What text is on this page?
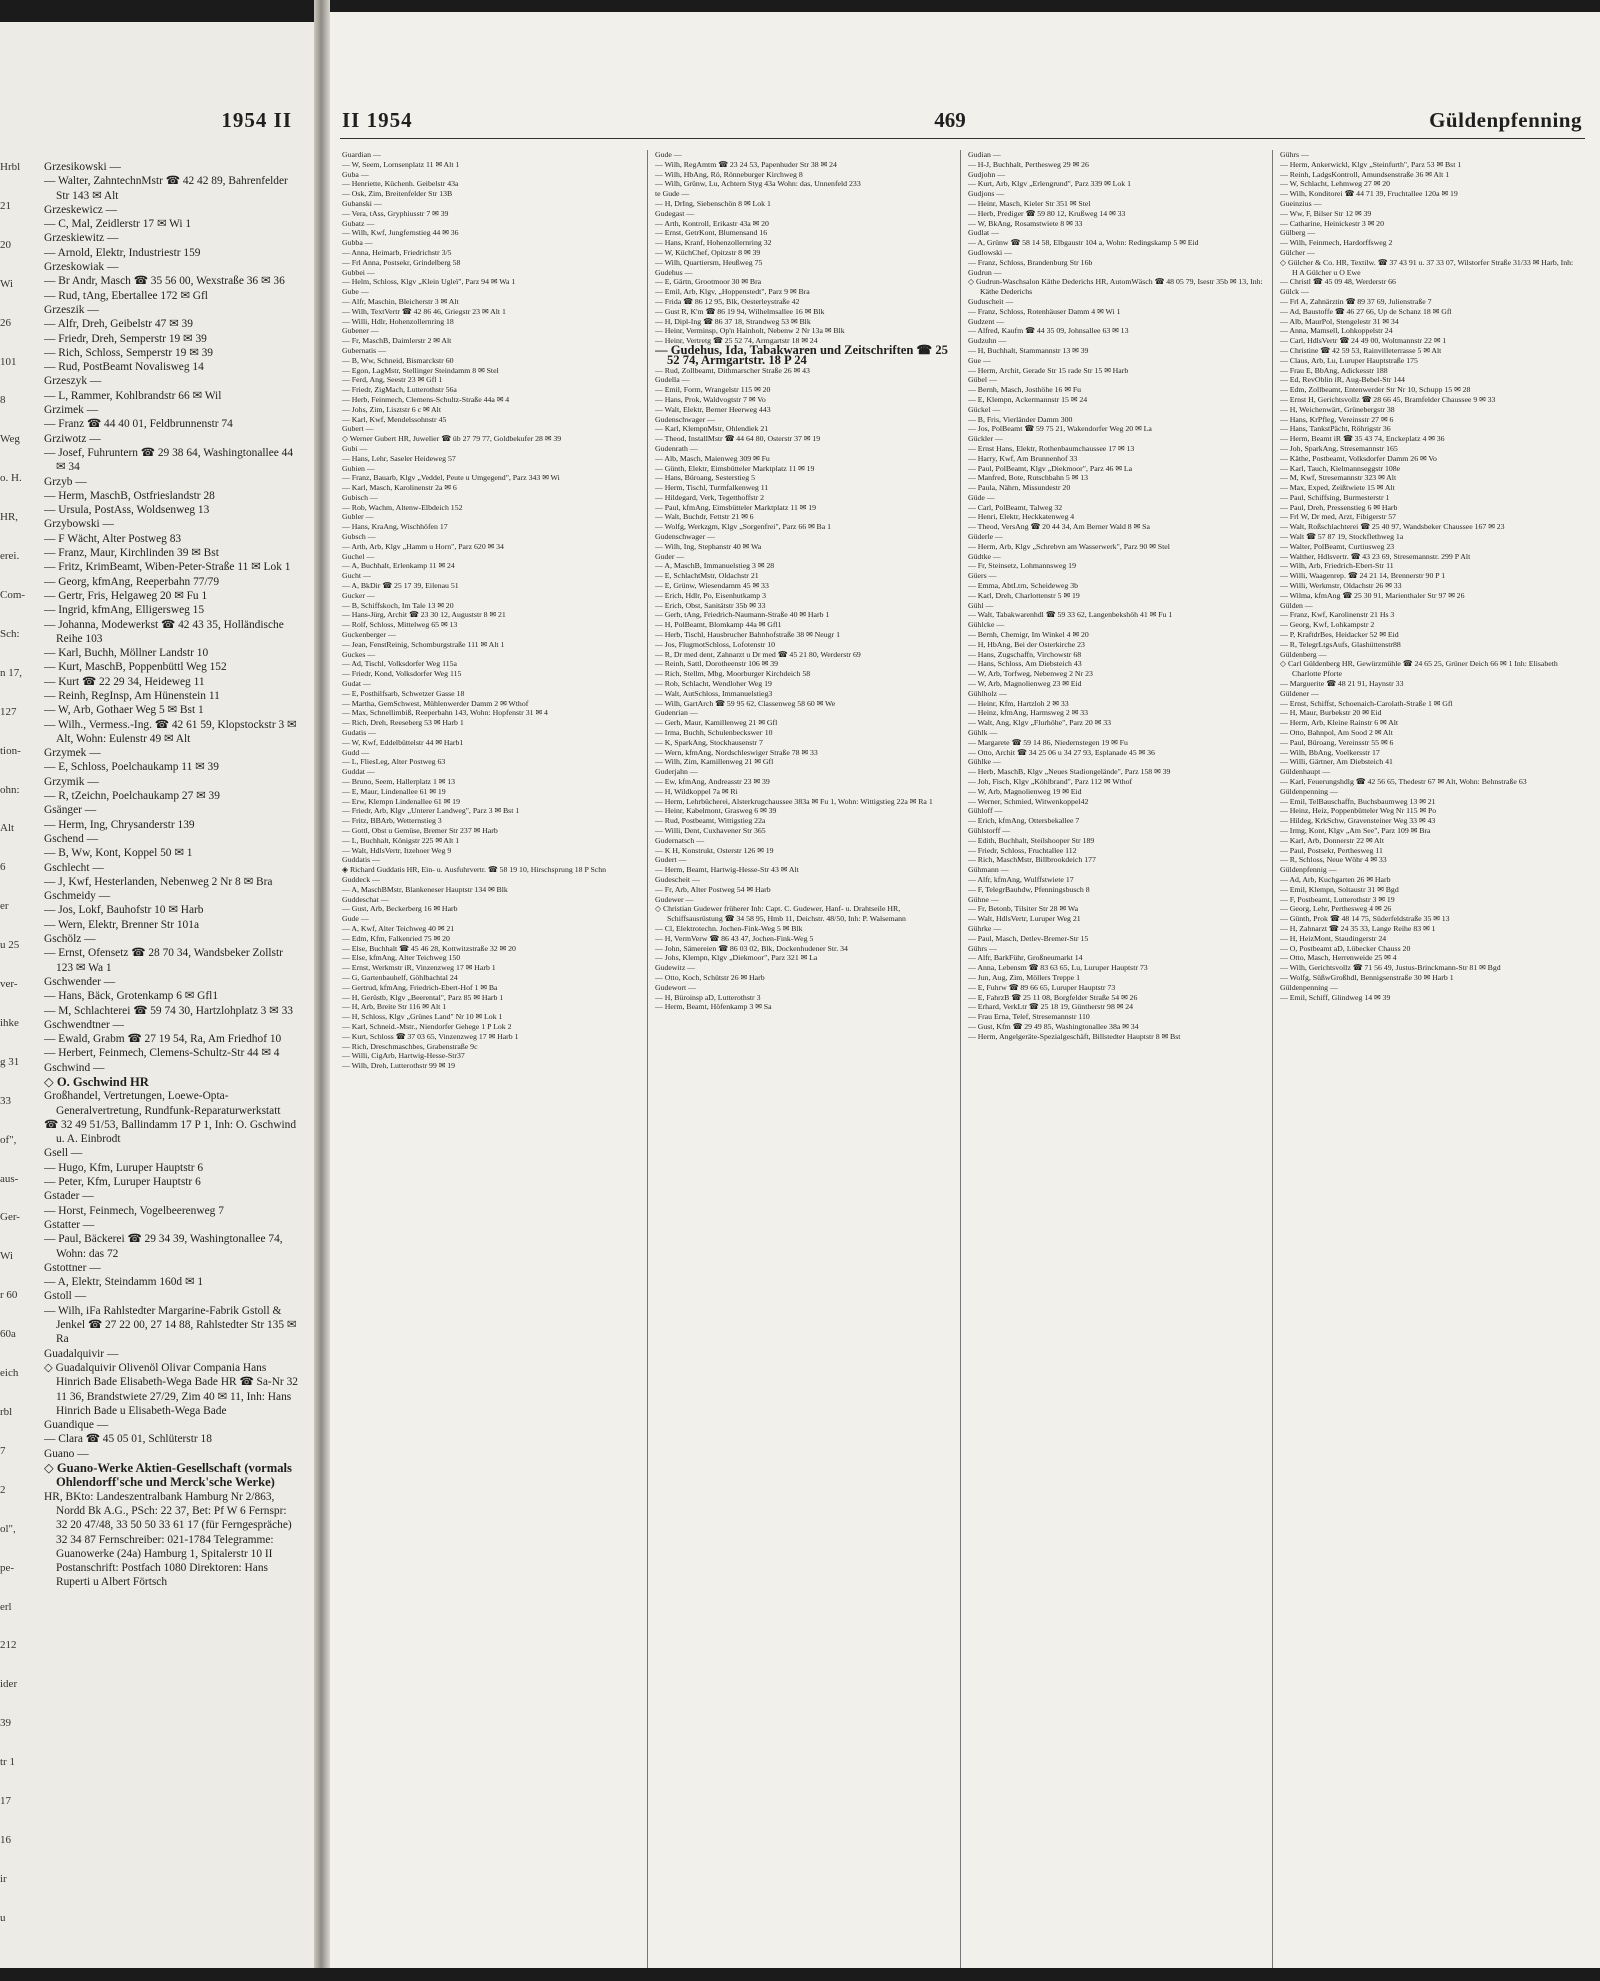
1954 II
Hrbl
21
20
Wi
26
101
8
Weg
o. H.
HR,
erei.
Com-
Sch:
n 17,
127
tion-
ohn:
Alt
6
er
u 25
ver-
ihke
g 31
33
of",
aus-
Ger-
Wi
r 60
60a
eich
rbl
7
2
ol",
pe-
erl
212
ider
39
tr 1
17
16
ir
u

Grzesikowski —

— Walter, ZahntechnMstr ☎ 42 42 89, Bahrenfelder Str 143 ✉ Alt

Grzeskewicz —

— C, Mal, Zeidlerstr 17 ✉ Wi 1

Grzeskiewitz —

— Arnold, Elektr, Industriestr 159

Grzeskowiak —

— Br Andr, Masch ☎ 35 56 00, Wexstraße 36 ✉ 36

— Rud, tAng, Ebertallee 172 ✉ Gfl

Grzeszik —

— Alfr, Dreh, Geibelstr 47 ✉ 39

— Friedr, Dreh, Semperstr 19 ✉ 39

— Rich, Schloss, Semperstr 19 ✉ 39

— Rud, PostBeamt Novalisweg 14

Grzeszyk —

— L, Rammer, Kohlbrandstr 66 ✉ Wil

Grzimek —

— Franz ☎ 44 40 01, Feldbrunnenstr 74

Grziwotz —

— Josef, Fuhruntern ☎ 29 38 64, Washingtonallee 44 ✉ 34

Grzyb —

— Herm, MaschB, Ostfrieslandstr 28

— Ursula, PostAss, Woldsenweg 13

Grzybowski —

— F Wächt, Alter Postweg 83

— Franz, Maur, Kirchlinden 39 ✉ Bst

— Fritz, KrimBeamt, Wiben-Peter-Straße 11 ✉ Lok 1

— Georg, kfmAng, Reeperbahn 77/79

— Gertr, Fris, Helgaweg 20 ✉ Fu 1

— Ingrid, kfmAng, Elligersweg 15

— Johanna, Modewerkst ☎ 42 43 35, Holländische Reihe 103

— Karl, Buchh, Möllner Landstr 10

— Kurt, MaschB, Poppenbüttl Weg 152

— Kurt ☎ 22 29 34, Heideweg 11

— Reinh, RegInsp, Am Hünenstein 11

— W, Arb, Gothaer Weg 5 ✉ Bst 1

— Wilh., Vermess.-Ing. ☎ 42 61 59, Klopstockstr 3 ✉ Alt, Wohn: Eulenstr 49 ✉ Alt

Grzymek —

— E, Schloss, Poelchaukamp 11 ✉ 39

Grzymik —

— R, tZeichn, Poelchaukamp 27 ✉ 39

Gsänger —

— Herm, Ing, Chrysanderstr 139

Gschend —

— B, Ww, Kont, Koppel 50 ✉ 1

Gschlecht —

— J, Kwf, Hesterlanden, Nebenweg 2 Nr 8 ✉ Bra

Gschmeidy —

— Jos, Lokf, Bauhofstr 10 ✉ Harb

— Wern, Elektr, Brenner Str 101a

Gschölz —

— Ernst, Ofensetz ☎ 28 70 34, Wandsbeker Zollstr 123 ✉ Wa 1

Gschwender —

— Hans, Bäck, Grotenkamp 6 ✉ Gfl1

— M, Schlachterei ☎ 59 74 30, Hartzlohplatz 3 ✉ 33

Gschwendtner —

— Ewald, Grabm ☎ 27 19 54, Ra, Am Friedhof 10

— Herbert, Feinmech, Clemens-Schultz-Str 44 ✉ 4

Gschwind —

◇ O. Gschwind HR

Großhandel, Vertretungen, Loewe-Opta-Generalvertretung, Rundfunk-Reparaturwerkstatt

☎ 32 49 51/53, Ballindamm 17 P 1, Inh: O. Gschwind u. A. Einbrodt

Gsell —

— Hugo, Kfm, Luruper Hauptstr 6

— Peter, Kfm, Luruper Hauptstr 6

Gstader —

— Horst, Feinmech, Vogelbeerenweg 7

Gstatter —

— Paul, Bäckerei ☎ 29 34 39, Washingtonallee 74, Wohn: das 72

Gstottner —

— A, Elektr, Steindamm 160d ✉ 1

Gstoll —

— Wilh, iFa Rahlstedter Margarine-Fabrik Gstoll & Jenkel ☎ 27 22 00, 27 14 88, Rahlstedter Str 135 ✉ Ra

Guadalquivir —

◇ Guadalquivir Olivenöl Olivar Compania Hans Hinrich Bade Elisabeth-Wega Bade HR ☎ Sa-Nr 32 11 36, Brandstwiete 27/29, Zim 40 ✉ 11, Inh: Hans Hinrich Bade u Elisabeth-Wega Bade

Guandique —

— Clara ☎ 45 05 01, Schlüterstr 18

Guano —

◇ Guano-Werke Aktien-Gesellschaft (vormals Ohlendorff'sche und Merck'sche Werke)

HR, BKto: Landeszentralbank Hamburg Nr 2/863, Nordd Bk A.G., PSch: 22 37, Bet: Pf W 6 Fernspr: 32 20 47/48, 33 50 50 33 61 17 (für Ferngespräche) 32 34 87 Fernschreiber: 021-1784 Telegramme: Guanowerke (24a) Hamburg 1, Spitalerstr 10 II Postanschrift: Postfach 1080 Direktoren: Hans Ruperti u Albert Förtsch

II 1954	469	Güldenpfenning

Guardian —

— W, Seem, Lornsenplatz 11 ✉ Alt 1

Guba —

— Henriette, Küchenh. Geibelstr 43a

— Osk, Zim, Breitenfelder Str 13B

Gubanski —

— Vera, tAss, Gryphiusstr 7 ✉ 39

Gubatz —

— Wilh, Kwf, Jungfernstieg 44 ✉ 36

Gubba —

— Anna, Heimarb, Friedrichstr 3/5

— Frl Anna, Postsekr, Grindelberg 58

Gubbei —

— Helm, Schloss, Klgv „Klein Ugleï", Parz 94 ✉ Wa 1

Gube —

— Alfr, Maschin, Bleicherstr 3 ✉ Alt

— Wilh, TextVertr ☎ 42 86 46, Griegstr 23 ✉ Alt 1

— Willi, Hdlr, Hohenzollernring 18

Gubener —

— Fr, MaschB, Daimlerstr 2 ✉ Alt

Gubernatis —

— B, Ww, Schneid, Bismarckstr 60

— Egon, LagMstr, Stellinger Steindamm 8 ✉ Stel

— Ferd, Ang, Seestr 23 ✉ Gfl 1

— Friedr, ZigMach, Lutterothstr 56a

— Herb, Feinmech, Clemens-Schultz-Straße 44a ✉ 4

— Johs, Zim, Lisztstr 6 c ✉ Alt

— Karl, Kwf, Mendelssohnstr 45

Gubert —

◇ Werner Gubert HR, Juwelier ☎ üb 27 79 77, Goldbekufer 28 ✉ 39

Gubi —

— Hans, Lehr, Saseler Heideweg 57

Gubien —

— Franz, Bauarb, Klgv „Veddel, Peute u Umgegend", Parz 343 ✉ Wi

— Karl, Masch, Karolinenstr 2a ✉ 6

Gubisch —

— Rob, Wachm, Altenw-Elbdeich 152

Gubler —

— Hans, KraAng, Wischhöfen 17

Gubsch —

— Arth, Arb, Klgv „Hamm u Horn", Parz 620 ✉ 34

Guchel —

— A, Buchhalt, Erlenkamp 11 ✉ 24

Gucht —

— A, BkDir ☎ 25 17 39, Eilenau 51

Gucker —

— B, Schiffskoch, Im Tale 13 ✉ 20

— Hans-Jürg, Archit ☎ 23 30 12, Auguststr 8 ✉ 21

— Rolf, Schloss, Mittelweg 65 ✉ 13

Guckenberger —

— Jean, FenstReinig, Schomburgstraße 111 ✉ Alt 1

Guckes —

— Ad, Tischl, Volksdorfer Weg 115a

— Friedr, Kond, Volksdorfer Weg 115

Gudat —

— E, Posthilfsarb, Schwetzer Gasse 18

— Martha, GemSchwest, Mühlenwerder Damm 2 ✉ Wthof

— Max, Schnellimbiß, Reeperbahn 143, Wohn: Hopfenstr 31 ✉ 4

— Rich, Dreh, Reeseberg 53 ✉ Harb 1

Gudatis —

— W, Kwf, Eddelbüttelstr 44 ✉ Harb1

Gudd —

— L, FliesLeg, Alter Postweg 63

Guddat —

— Bruno, Seem, Hallerplatz 1 ✉ 13

— E, Maur, Lindenallee 61 ✉ 19

— Erw, Klempn Lindenallee 61 ✉ 19

— Friedr, Arb, Klgv „Unterer Landweg", Parz 3 ✉ Bst 1

— Fritz, BBArb, Wetternstieg 3

— Gottl, Obst u Gemüse, Bremer Str 237 ✉ Harb

— L, Buchhalt, Königstr 225 ✉ Alt 1

— Walt, HdlsVertr, Itzehoer Weg 9

Guddatis —

◈ Richard Guddatis HR, Ein- u. Ausfuhrvertr. ☎ 58 19 10, Hirschsprung 18 P Schn

Guddeck —

— A, MaschBMstr, Blankeneser Hauptstr 134 ✉ Blk

Guddeschat —

— Gust, Arb, Beckerberg 16 ✉ Harb

Gude —

— A, Kwf, Alter Teichweg 40 ✉ 21

— Edm, Kfm, Falkenried 75 ✉ 20

— Else, Buchhalt ☎ 45 46 28, Kottwitzstraße 32 ✉ 20

— Else, kfmAng, Alter Teichweg 150

— Ernst, Werkmstr iR, Vinzenzweg 17 ✉ Harb 1

— G, Gartenbauhelf, Göhlbachtal 24

— Gertrud, kfmAng, Friedrich-Ebert-Hof 1 ✉ Ba

— H, Gerüstb, Klgv „Beerental", Parz 85 ✉ Harb 1

— H, Arb, Breite Str 116 ✉ Alt 1

— H, Schloss, Klgv „Grünes Land" Nr 10 ✉ Lok 1

— Karl, Schneid.-Mstr., Niendorfer Gehege 1 P Lok 2

— Kurt, Schloss ☎ 37 03 65, Vinzenzweg 17 ✉ Harb 1

— Rich, Dreschmaschbes, Grabenstraße 9c

— Willi, CigArb, Hartwig-Hesse-Str37

— Wilh, Dreh, Lutterothstr 99 ✉ 19

Gude —

— Wilh, RegAmtm ☎ 23 24 53, Papenhuder Str 38 ✉ 24

— Wilh, HbAng, Rö, Rönneburger Kirchweg 8

— Wilh, Grünw, Lu, Achtern Styg 43a Wohn: das, Unnenfeld 233

te Gude —

— H, DrIng, Siebenschön 8 ✉ Lok 1

Gudegast —

— Arth, Kontroll, Erikastr 43a ✉ 20

— Ernst, GetrKont, Blumensand 16

— Hans, Kranf, Hohenzollernring 32

— W, KüchChef, Opitzstr 8 ✉ 39

— Wilh, Quartiersm, Heußweg 75

Gudehus —

— E, Gärtn, Grootmoor 30 ✉ Bra

— Emil, Arb, Klgv, „Hoppenstedt", Parz 9 ✉ Bra

— Frida ☎ 86 12 95, Blk, Oesterleystraße 42

— Gust R, K'm ☎ 86 19 94, Wilhelmsallee 16 ✉ Blk

— H, Dipl-Ing ☎ 86 37 18, Strandweg 53 ✉ Blk

— Heinr, Verminsp, Op'n Hainholt, Nebenw 2 Nr 13a ✉ Blk

— Heinr, Vertretg ☎ 25 52 74, Armgartstr 18 ✉ 24

— Gudehus, Ida, Tabakwaren und Zeitschriften ☎ 25 52 74, Armgartstr. 18 P 24

— Rud, Zollbeamt, Dithmarscher Straße 26 ✉ 43

Gudella —

— Emil, Form, Wrangelstr 115 ✉ 20

— Hans, Prok, Waldvogtstr 7 ✉ Vo

— Walt, Elektr, Berner Heerweg 443

Gudenschwager —

— Karl, KlempnMstr, Ohlendiek 21

— Theod, InstallMstr ☎ 44 64 80, Osterstr 37 ✉ 19

Gudenrath —

— Alb, Masch, Maienweg 309 ✉ Fu

— Günth, Elektr, Eimsbütteler Marktplatz 11 ✉ 19

— Hans, Büroang, Sesterstieg 5

— Herm, Tischl, Turmfalkenweg 11

— Hildegard, Verk, Tegetthoffstr 2

— Paul, kfmAng, Eimsbütteler Marktplatz 11 ✉ 19

— Walt, Buchdr, Fettstr 21 ✉ 6

— Wolfg, Werkzgm, Klgv „Sorgenfrei", Parz 66 ✉ Ba 1

Gudenschwager —

— Wilh, Ing, Stephanstr 40 ✉ Wa

Guder —

— A, MaschB, Immanuelstieg 3 ✉ 28

— E, SchlachtMstr, Oldachstr 21

— E, Grünw, Wiesendamm 45 ✉ 33

— Erich, Hdlr, Po, Eisenhutkamp 3

— Erich, Obst, Sanitätstr 35b ✉ 33

— Gerh, tAng, Friedrich-Naumann-Straße 40 ✉ Harb 1

— H, PolBeamt, Blomkamp 44a ✉ Gfl1

— Herb, Tischl, Hausbrucher Bahnhofstraße 38 ✉ Neugr 1

— Jos, FlugmotSchloss, Lofotenstr 10

— R, Dr med dent, Zahnarzt u Dr med ☎ 45 21 80, Werderstr 69

— Reinh, Sattl, Dorotheenstr 106 ✉ 39

— Rich, Stellm, Mbg, Moorburger Kirchdeich 58

— Rob, Schlacht, Wendloher Weg 19

— Walt, AutSchloss, Immanuelstieg3

— Wilh, GartArch ☎ 59 95 62, Classenweg 58 60 ✉ We

Gudenrian —

— Gerh, Maur, Kamillenweg 21 ✉ Gfl

— Irma, Buchh, Schulenbeckswег 10

— K, SparkAng, Stockhausenstr 7

— Wern, kfmAng, Nordschleswiger Straße 78 ✉ 33

— Wilh, Zim, Kamillenweg 21 ✉ Gfl

Guderjahn —

— Ew, kfmAng, Andreasstr 23 ✉ 39

— H, Wildkoppel 7a ✉ Ri

— Herm, Lehrbücherei, Alsterkrugchaussee 383a ✉ Fu 1, Wohn: Wittigstieg 22a ✉ Ra 1

— Heinr, Kabelmont, Grasweg 6 ✉ 39

— Rud, Postbeamt, Wittigstieg 22a

— Willi, Dent, Cuxhavener Str 365

Gudernatsch —

— K H, Konstrukt, Osterstr 126 ✉ 19

Gudert —

— Herm, Beamt, Hartwig-Hesse-Str 43 ✉ Alt

Gudescheit —

— Fr, Arb, Alter Postweg 54 ✉ Harb

Gudewer —

◇ Christian Gudewer früherer Inh: Capt. C. Gudewer, Hanf- u. Drahtseile HR, Schiffsausrüstung ☎ 34 58 95, Hmb 11, Deichstr. 48/50, Inh: P. Walsemann

— Cl, Elektrotechn. Jochen-Fink-Weg 5 ✉ Blk

— H, VermVerw ☎ 86 43 47, Jochen-Fink-Weg 5

— John, Sämereien ☎ 86 03 02, Blk, Dockenhudener Str. 34

— Johs, Klempn, Klgv „Diekmoor", Parz 321 ✉ La

Gudewitz —

— Otto, Koch, Schütstr 26 ✉ Harb

Gudewort —

— H, Büroinsp aD, Lutterothstr 3

— Herm, Beamt, Höfenkamp 3 ✉ Sa

Gudian —

— H-J, Buchhalt, Perthesweg 29 ✉ 26

Gudjohn —

— Kurt, Arb, Klgv „Erlengrund", Parz 339 ✉ Lok 1

Gudjons —

— Heinr, Masch, Kieler Str 351 ✉ Stel

— Herb, Prediger ☎ 59 80 12, Krußweg 14 ✉ 33

— W, BkAng, Rosamstwiete 8 ✉ 33

Gudlat —

— A, Grünw ☎ 58 14 58, Elbgaustr 104 a, Wohn: Redingskamp 5 ✉ Eid

Gudlowski —

— Franz, Schloss, Brandenburg Str 16b

Gudrun —

◇ Gudrun-Waschsalon Käthe Dederichs HR, AutomWäsch ☎ 48 05 79, Isestr 35b ✉ 13, Inh: Käthe Dederichs

Guduscheit —

— Franz, Schloss, Rotenhäuser Damm 4 ✉ Wi 1

Gudzent —

— Alfred, Kaufm ☎ 44 35 09, Johnsallee 63 ✉ 13

Gudzuhn —

— H, Buchhalt, Stammannstr 13 ✉ 39

Gue —

— Herm, Archit, Gerade Str 15 rade Str 15 ✉ Harb

Gübel —

— Bernh, Masch, Josthöhe 16 ✉ Fu

— E, Klempn, Ackermannstr 15 ✉ 24

Gückel —

— B, Fris, Vierländer Damm 300

— Jos, PolBeamt ☎ 59 75 21, Wakendorfer Weg 20 ✉ La

Gückler —

— Ernst Hans, Elektr, Rothenbaumchaussee 17 ✉ 13

— Harry, Kwf, Am Brunnenhof 33

— Paul, PolBeamt, Klgv „Diekmoor", Parz 46 ✉ La

— Manfred, Bote, Rutschbahn 5 ✉ 13

— Paula, Nährn, Missundestr 20

Güde —

— Carl, PolBeamt, Talweg 32

— Henri, Elektr, Heckkatenweg 4

— Theod, VersAng ☎ 20 44 34, Am Berner Wald 8 ✉ Sa

Güderle —

— Herm, Arb, Klgv „Schrebvn am Wasserwerk", Parz 90 ✉ Stel

Güdtke —

— Fr, Steinsetz, Lohmannsweg 19

Güers —

— Emma, AbtLtrn, Scheideweg 3b

— Karl, Dreh, Charlottenstr 5 ✉ 19

Gühl —

— Walt, Tabakwarenhdl ☎ 59 33 62, Langenbekshöh 41 ✉ Fu 1

Gühlcke —

— Bernh, Chemigr, Im Winkel 4 ✉ 20

— H, HbAng, Bei der Osterkirche 23

— Hans, Zugschaffn, Virchowstr 68

— Hans, Schloss, Am Diebsteich 43

— W, Arb, Torfweg, Nebenweg 2 Nr 23

— W, Arb, Magnolienweg 23 ✉ Eid

Gühlholz —

— Heinr, Kfm, Hartzloh 2 ✉ 33

— Heinz, kfmAng, Harmsweg 2 ✉ 33

— Walt, Ang, Klgv „Flurhöhe", Parz 20 ✉ 33

Gühlk —

— Margarete ☎ 59 14 86, Niedernstegen 19 ✉ Fu

— Otto, Archit ☎ 34 25 06 u 34 27 93, Esplanade 45 ✉ 36

Gühlke —

— Herb, MaschB, Klgv „Neues Stadiongelände", Parz 158 ✉ 39

— Joh, Fisch, Klgv „Köhlbrand", Parz 112 ✉ Wthof

— W, Arb, Magnolienweg 19 ✉ Eid

— Werner, Schmied, Witwenkoppel42

Gühloff —

— Erich, kfmAng, Ottersbekallee 7

Gühlstorff —

— Edith, Buchhalt, Steilshooper Str 189

— Friedr, Schloss, Fruchtallee 112

— Rich, MaschMstr, Billbrookdeich 177

Gühmann —

— Alfr, kfmAng, Wulffstwiete 17

— F, TelegrBauhdw, Pfenningsbusch 8

Gühne —

— Fr, Betonb, Tilsiter Str 28 ✉ Wa

— Walt, HdlsVertr, Luruper Weg 21

Gührke —

— Paul, Masch, Detlev-Bremer-Str 15

Gührs —

— Alfr, BarkFühr, Großneumarkt 14

— Anna, Lebensm ☎ 83 63 65, Lu, Luruper Hauptstr 73

— Jun, Aug, Zim, Möllers Treppe 1

— E, Fuhrw ☎ 89 66 65, Luruper Hauptstr 73

— E, FahrzB ☎ 25 11 08, Borgfelder Straße 54 ✉ 26

— Erhard, VerkLtr ☎ 25 18 19, Güntherstr 98 ✉ 24

— Frau Erna, Telef, Stresemannstr 110

— Gust, Kfm ☎ 29 49 85, Washingtonallee 38a ✉ 34

— Herm, Angelgeräte-Spezialgeschäft, Billstedter Hauptstr 8 ✉ Bst

Gührs —

— Herm, Ankerwickl, Klgv „Steinfurth", Parz 53 ✉ Bst 1

— Reinh, LadgsKontroll, Amundsenstraße 36 ✉ Alt 1

— W, Schlacht, Lehmweg 27 ✉ 20

— Wilh, Konditorei ☎ 44 71 39, Fruchtallee 120a ✉ 19

Gueinzius —

— Ww, F, Bilser Str 12 ✉ 39

— Catharine, Heinickestr 3 ✉ 20

Gülberg —

— Wilh, Feinmech, Hardorffsweg 2

Gülcher —

◇ Gülcher & Co. HR, Textilw. ☎ 37 43 91 u. 37 33 07, Wilstorfer Straße 31/33 ✉ Harb, Inh: H A Gülcher u O Ewe

— Christl ☎ 45 09 48, Werderstr 66

Gülck —

— Frl A, Zahnärztin ☎ 89 37 69, Julienstraße 7

— Ad, Baustoffe ☎ 46 27 66, Up de Schanz 18 ✉ Gfl

— Alb, MaurPol, Stengelestr 31 ✉ 34

— Anna, Mamsell, Lohkoppelstr 24

— Carl, HdlsVertr ☎ 24 49 00, Woltmannstr 22 ✉ 1

— Christine ☎ 42 59 53, Rainvilleterrasse 5 ✉ Alt

— Claus, Arb, Lu, Luruper Hauptstraße 175

— Frau E, BbAng, Adickesstr 188

— Ed, RevOblin iR, Aug-Bebel-Str 144

— Edm, Zollbeamt, Entenwerder Str Nr 10, Schupp 15 ✉ 28

— Ernst H, Gerichtsvollz ☎ 28 66 45, Bramfelder Chaussee 9 ✉ 33

— H, Weichenwärt, Grünebergstr 38

— Hans, KrPfleg, Vereinsstr 27 ✉ 6

— Hans, TankstPächt, Röhrigstr 36

— Herm, Beamt iR ☎ 35 43 74, Enckeplatz 4 ✉ 36

— Joh, SparkAng, Stresemannstr 165

— Käthe, Postbeamt, Volksdorfer Damm 26 ✉ Vo

— Karl, Tauch, Kielmannseggstr 108e

— M, Kwf, Stresemannstr 323 ✉ Alt

— Max, Exped, Zeißtwiete 15 ✉ Alt

— Paul, Schiffsing, Burmesterstr 1

— Paul, Dreh, Pressenstieg 6 ✉ Harb

— Frl W, Dr med, Arzt, Fibigerstr 57

— Walt, Roßschlachterei ☎ 25 40 97, Wandsbeker Chaussee 167 ✉ 23

— Walt ☎ 57 87 19, Stockflethweg 1a

— Walter, PolBeamt, Curtiusweg 23

— Walther, Hdlsvertr. ☎ 43 23 69, Stresemannstr. 299 P Alt

— Wilh, Arb, Friedrich-Ebert-Str 11

— Willi, Waagenrep. ☎ 24 21 14, Brennerstr 90 P 1

— Willi, Werkmstr, Oldachstr 26 ✉ 33

— Wilma, kfmAng ☎ 25 30 91, Marienthaler Str 97 ✉ 26

Gülden —

— Franz, Kwf, Karolinenstr 21 Hs 3

— Georg, Kwf, Lohkampstr 2

— P, KraftdrBes, Heidacker 52 ✉ Eid

— R, TelegrLtgsAufs, Glashüttenstr88

Güldenberg —

◇ Carl Güldenberg HR, Gewürzmühle ☎ 24 65 25, Grüner Deich 66 ✉ 1 Inh: Elisabeth Charlotte Pforte

— Marguerite ☎ 48 21 91, Haynstr 33

Güldener —

— Ernst, Schiffst, Schoenaich-Carolath-Straße 1 ✉ Gfl

— H, Maur, Burbekstr 20 ✉ Eid

— Herm, Arb, Kleine Rainstr 6 ✉ Alt

— Otto, Bahnpol, Am Sood 2 ✉ Alt

— Paul, Büroang, Vereinsstr 55 ✉ 6

— Wilh, BbAng, Voelkersstr 17

— Willi, Gärtner, Am Diebsteich 41

Güldenhaupt —

— Karl, Feuerungshdlg ☎ 42 56 65, Thedestr 67 ✉ Alt, Wohn: Behnstraße 63

Güldenpenning —

— Emil, TelBauschaffn, Buchsbaumweg 13 ✉ 21

— Heinz, Heiz, Poppenbütteler Weg Nr 115 ✉ Po

— Hildeg, KrkSchw, Gravensteiner Weg 33 ✉ 43

— Irmg, Kont, Klgv „Am See", Parz 109 ✉ Bra

— Karl, Arb, Donnerstr 22 ✉ Alt

— Paul, Postsekr, Perthesweg 11

— R, Schloss, Neue Wöhr 4 ✉ 33

Güldenpfennig —

— Ad, Arb, Kuchgarten 26 ✉ Harb

— Emil, Klempn, Soltaustr 31 ✉ Bgd

— F, Postbeamt, Lutterothstr 3 ✉ 19

— Georg, Lehr, Perthesweg 4 ✉ 26

— Günth, Prok ☎ 48 14 75, Süderfeldstraße 35 ✉ 13

— H, Zahnarzt ☎ 24 35 33, Lange Reihe 83 ✉ 1

— H, HeizMont, Staudingerstr 24

— O, Postbeamt aD, Lübecker Chauss 20

— Otto, Masch, Herrenweide 25 ✉ 4

— Wilh, Gerichtsvollz ☎ 71 56 49, Justus-Brinckmann-Str 81 ✉ Bgd

— Wolfg, SüßwGroßhdl, Bennigsenstraße 30 ✉ Harb 1

Güldenpenning —

— Emil, Schiff, Glindweg 14 ✉ 39
